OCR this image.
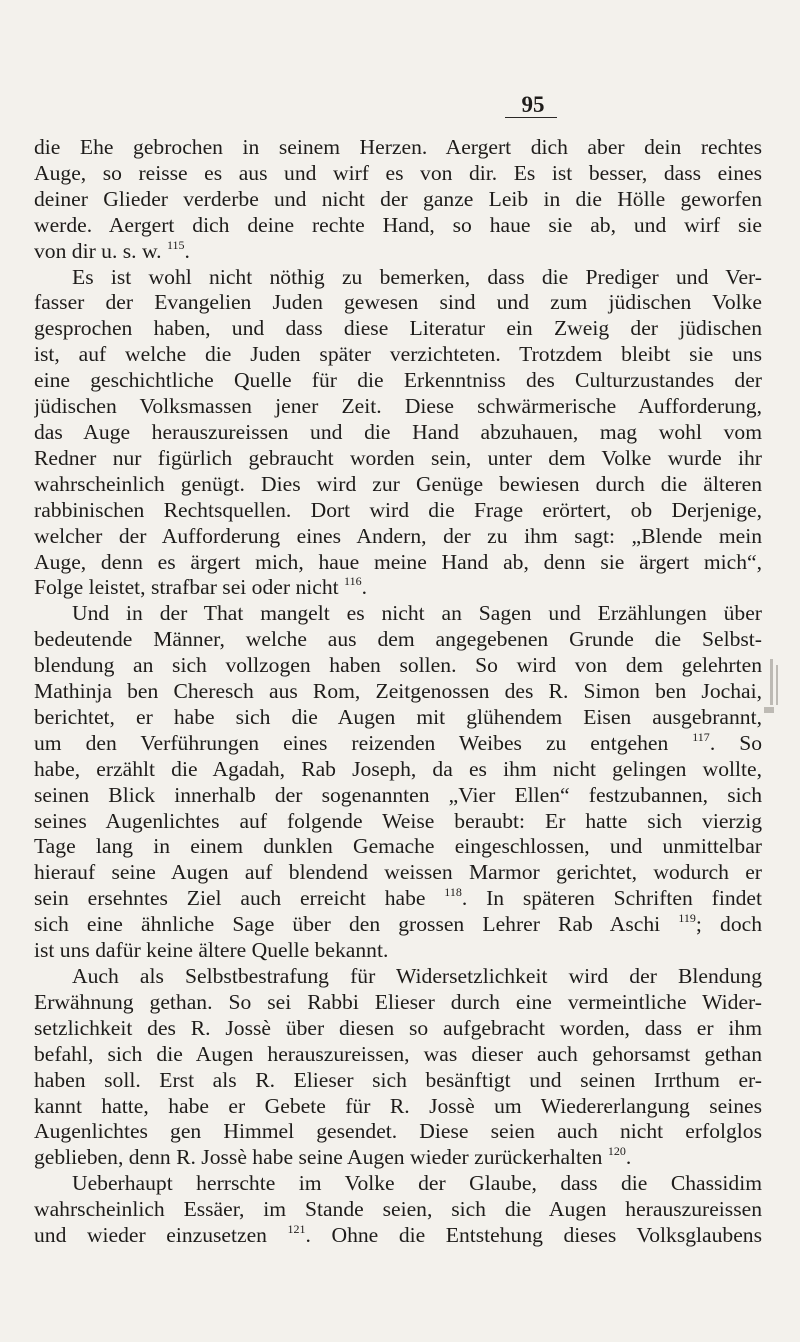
95
die Ehe gebrochen in seinem Herzen. Aergert dich aber dein rechtes
Auge, so reisse es aus und wirf es von dir. Es ist besser, dass eines
deiner Glieder verderbe und nicht der ganze Leib in die Hölle geworfen
werde. Aergert dich deine rechte Hand, so haue sie ab, und wirf sie
von dir u. s. w. $^{115}$.
Es ist wohl nicht nöthig zu bemerken, dass die Prediger und Ver-
fasser der Evangelien Juden gewesen sind und zum jüdischen Volke
gesprochen haben, und dass diese Literatur ein Zweig der jüdischen
ist, auf welche die Juden später verzichteten. Trotzdem bleibt sie uns
eine geschichtliche Quelle für die Erkenntniss des Culturzustandes der
jüdischen Volksmassen jener Zeit. Diese schwärmerische Aufforderung,
das Auge herauszureissen und die Hand abzuhauen, mag wohl vom
Redner nur figürlich gebraucht worden sein, unter dem Volke wurde ihr
wahrscheinlich genügt. Dies wird zur Genüge bewiesen durch die älteren
rabbinischen Rechtsquellen. Dort wird die Frage erörtert, ob Derjenige,
welcher der Aufforderung eines Andern, der zu ihm sagt: „Blende mein
Auge, denn es ärgert mich, haue meine Hand ab, denn sie ärgert mich“,
Folge leistet, strafbar sei oder nicht $^{116}$.
Und in der That mangelt es nicht an Sagen und Erzählungen über
bedeutende Männer, welche aus dem angegebenen Grunde die Selbst-
blendung an sich vollzogen haben sollen. So wird von dem gelehrten
Mathinja ben Cheresch aus Rom, Zeitgenossen des R. Simon ben Jochai,
berichtet, er habe sich die Augen mit glühendem Eisen ausgebrannt,
um den Verführungen eines reizenden Weibes zu entgehen $^{117}$. So
habe, erzählt die Agadah, Rab Joseph, da es ihm nicht gelingen wollte,
seinen Blick innerhalb der sogenannten „Vier Ellen“ festzubannen, sich
seines Augenlichtes auf folgende Weise beraubt: Er hatte sich vierzig
Tage lang in einem dunklen Gemache eingeschlossen, und unmittelbar
hierauf seine Augen auf blendend weissen Marmor gerichtet, wodurch er
sein ersehntes Ziel auch erreicht habe $^{118}$. In späteren Schriften findet
sich eine ähnliche Sage über den grossen Lehrer Rab Aschi $^{119}$; doch
ist uns dafür keine ältere Quelle bekannt.
Auch als Selbstbestrafung für Widersetzlichkeit wird der Blendung
Erwähnung gethan. So sei Rabbi Elieser durch eine vermeintliche Wider-
setzlichkeit des R. Jossè über diesen so aufgebracht worden, dass er ihm
befahl, sich die Augen herauszureissen, was dieser auch gehorsamst gethan
haben soll. Erst als R. Elieser sich besänftigt und seinen Irrthum er-
kannt hatte, habe er Gebete für R. Jossè um Wiedererlangung seines
Augenlichtes gen Himmel gesendet. Diese seien auch nicht erfolglos
geblieben, denn R. Jossè habe seine Augen wieder zurückerhalten $^{120}$.
Ueberhaupt herrschte im Volke der Glaube, dass die Chassidim
wahrscheinlich Essäer, im Stande seien, sich die Augen herauszureissen
und wieder einzusetzen $^{121}$. Ohne die Entstehung dieses Volksglaubens
